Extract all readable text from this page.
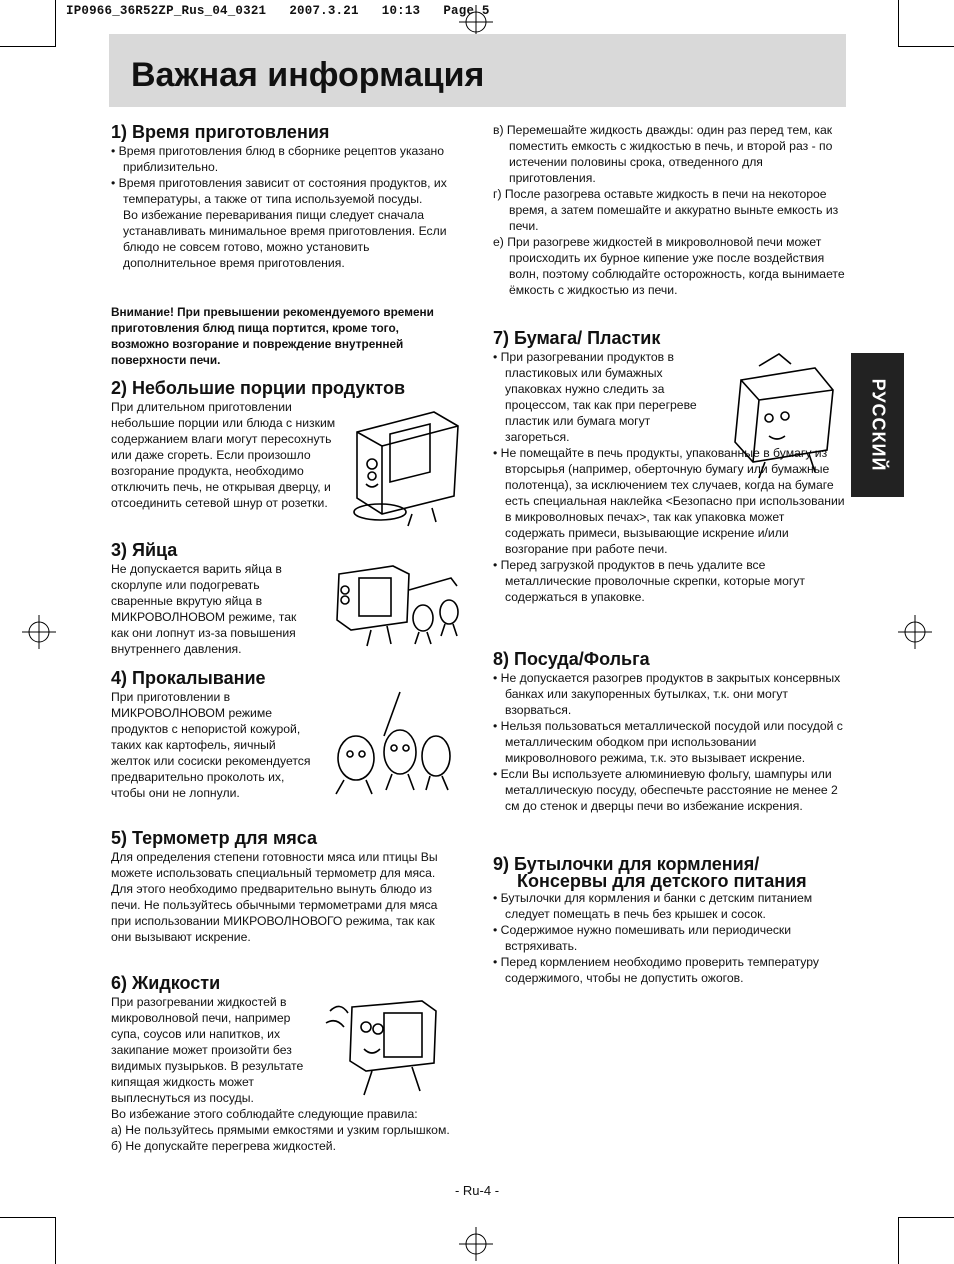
IP0966_36R52ZP_Rus_04_0321   2007.3.21   10:13   Page 5
Важная информация
РУССКИЙ
1) Время приготовления

• Время приготовления блюд в сборнике рецептов указано приблизительно.

• Время приготовления зависит от состояния продуктов, их температуры, а также от типа используемой посуды.

Во избежание переваривания пищи следует сначала устанавливать минимальное время приготовления. Если блюдо не совсем готово, можно установить дополнительное время приготовления.

Внимание! При превышении рекомендуемого времени приготовления блюд пища портится, кроме того, возможно возгорание и повреждение внутренней поверхности печи.

2) Небольшие порции продуктов

При длительном приготовлении небольшие порции или блюда с низким содержанием влаги могут пересохнуть или даже сгореть. Если произошло возгорание продукта, необходимо отключить печь, не открывая дверцу, и отсоединить сетевой шнур от розетки.

3) Яйца

Не допускается варить яйца в скорлупе или подогревать сваренные вкрутую яйца в МИКРОВОЛНОВОМ режиме, так как они лопнут из-за повышения внутреннего давления.

4) Прокалывание

При приготовлении в МИКРОВОЛНОВОМ режиме продуктов с непористой кожурой, таких как картофель, яичный желток или сосиски рекомендуется предварительно проколоть их, чтобы они не лопнули.

5) Термометр для мяса

Для определения степени готовности мяса или птицы Вы можете использовать специальный термометр для мяса. Для этого необходимо предварительно вынуть блюдо из печи. Не пользуйтесь обычными термометрами для мяса при использовании МИКРОВОЛНОВОГО режима, так как они вызывают искрение.

6) Жидкости

При разогревании жидкостей в микроволновой печи, например супа, соусов или напитков, их закипание может произойти без видимых пузырьков. В результате кипящая жидкость может выплеснуться из посуды.

Во избежание этого соблюдайте следующие правила:

а) Не пользуйтесь прямыми емкостями и узким горлышком.

б) Не допускайте перегрева жидкостей.

в) Перемешайте жидкость дважды: один раз перед тем, как поместить емкость с жидкостью в печь, и второй раз - по истечении половины срока, отведенного для приготовления.

г) После разогрева оставьте жидкость в печи на некоторое время, а затем помешайте и аккуратно выньте емкость из печи.

е) При разогреве жидкостей в микроволновой печи может происходить их бурное кипение уже после воздействия волн, поэтому соблюдайте осторожность, когда вынимаете ёмкость с жидкостью из печи.

7) Бумага/ Пластик

• При разогревании продуктов в пластиковых или бумажных упаковках нужно следить за процессом, так как при перегреве пластик или бумага могут загореться.

• Не помещайте в печь продукты, упакованные в бумагу из вторсырья (например, оберточную бумагу или бумажные полотенца), за исключением тех случаев, когда на бумаге есть специальная наклейка <Безопасно при использовании в микроволновых печах>, так как упаковка может содержать примеси, вызывающие искрение и/или возгорание при работе печи.

• Перед загрузкой продуктов в печь удалите все металлические проволочные скрепки, которые могут содержаться в упаковке.

8) Посуда/Фольга

• Не допускается разогрев продуктов в закрытых консервных банках или закупоренных бутылках, т.к. они могут взорваться.

• Нельзя пользоваться металлической посудой или посудой с металлическим ободком при использовании микроволнового режима, т.к. это вызывает искрение.

• Если Вы используете алюминиевую фольгу, шампуры или металлическую посуду, обеспечьте расстояние не менее 2 см до стенок и дверцы печи во избежание искрения.

9) Бутылочки для кормления/
Консервы для детского питания

• Бутылочки для кормления и банки с детским питанием следует помещать в печь без крышек и сосок.

• Содержимое нужно помешивать или периодически встряхивать.

• Перед кормлением необходимо проверить температуру содержимого, чтобы не допустить ожогов.

- Ru-4 -
